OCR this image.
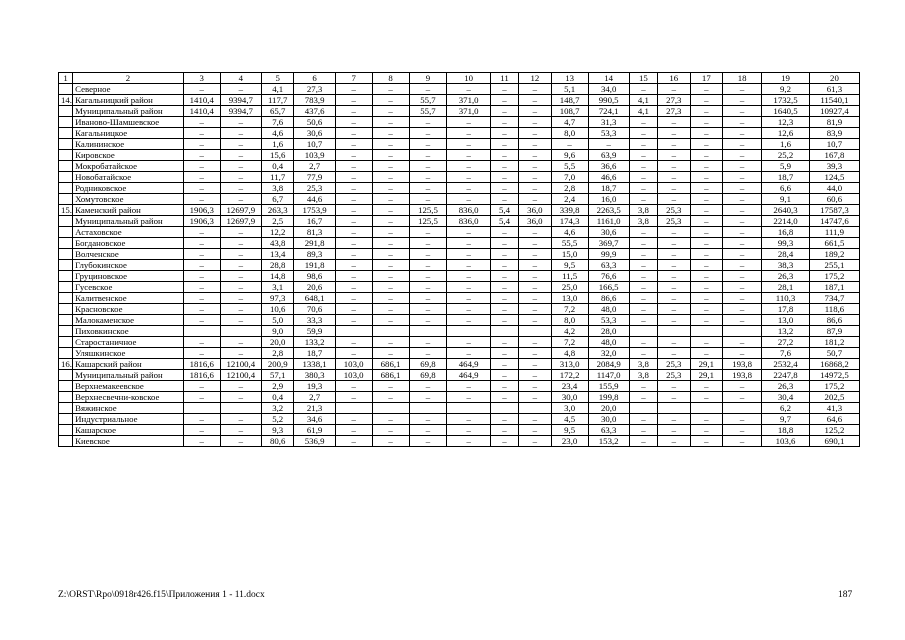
1	2	3	4	5	6	7	8	9	10	11	12	13	14	15	16	17	18	19	20
	Северное	–	–	4,1	27,3	–	–	–	–	–	–	5,1	34,0	–	–	–	–	9,2	61,3
14.	Кагальницкий район	1410,4	9394,7	117,7	783,9	–	–	55,7	371,0	–	–	148,7	990,5	4,1	27,3	–	–	1732,5	11540,1
	Муниципальный район	1410,4	9394,7	65,7	437,6	–	–	55,7	371,0	–	–	108,7	724,1	4,1	27,3	–	–	1640,5	10927,4
	Иваново-Шамшевское	–	–	7,6	50,6	–	–	–	–	–	–	4,7	31,3	–	–	–	–	12,3	81,9
	Кагальницкое	–	–	4,6	30,6	–	–	–	–	–	–	8,0	53,3	–	–	–	–	12,6	83,9
	Калининское	–	–	1,6	10,7	–	–	–	–	–	–	–	–	–	–	–	–	1,6	10,7
	Кировское	–	–	15,6	103,9	–	–	–	–	–	–	9,6	63,9	–	–	–	–	25,2	167,8
	Мокробатайское	–	–	0,4	2,7	–	–	–	–	–	–	5,5	36,6	–	–	–	–	5,9	39,3
	Новобатайское	–	–	11,7	77,9	–	–	–	–	–	–	7,0	46,6	–	–	–	–	18,7	124,5
	Родниковское	–	–	3,8	25,3	–	–	–	–	–	–	2,8	18,7	–	–	–	–	6,6	44,0
	Хомутовское	–	–	6,7	44,6	–	–	–	–	–	–	2,4	16,0	–	–	–	–	9,1	60,6
15.	Каменский район	1906,3	12697,9	263,3	1753,9	–	–	125,5	836,0	5,4	36,0	339,8	2263,5	3,8	25,3	–	–	2640,3	17587,3
	Муниципальный район	1906,3	12697,9	2,5	16,7	–	–	125,5	836,0	5,4	36,0	174,3	1161,0	3,8	25,3	–	–	2214,0	14747,6
	Астаховское	–	–	12,2	81,3	–	–	–	–	–	–	4,6	30,6	–	–	–	–	16,8	111,9
	Богдановское	–	–	43,8	291,8	–	–	–	–	–	–	55,5	369,7	–	–	–	–	99,3	661,5
	Волченское	–	–	13,4	89,3	–	–	–	–	–	–	15,0	99,9	–	–	–	–	28,4	189,2
	Глубокинское	–	–	28,8	191,8	–	–	–	–	–	–	9,5	63,3	–	–	–	–	38,3	255,1
	Груциновское	–	–	14,8	98,6	–	–	–	–	–	–	11,5	76,6	–	–	–	–	26,3	175,2
	Гусевское	–	–	3,1	20,6	–	–	–	–	–	–	25,0	166,5	–	–	–	–	28,1	187,1
	Калитвенское	–	–	97,3	648,1	–	–	–	–	–	–	13,0	86,6	–	–	–	–	110,3	734,7
	Красновское	–	–	10,6	70,6	–	–	–	–	–	–	7,2	48,0	–	–	–	–	17,8	118,6
	Малокаменское	–	–	5,0	33,3	–	–	–	–	–	–	8,0	53,3	–	–	–	–	13,0	86,6
	Пиховкинское			9,0	59,9							4,2	28,0					13,2	87,9
	Старостаничное	–	–	20,0	133,2	–	–	–	–	–	–	7,2	48,0	–	–	–	–	27,2	181,2
	Уляшкинское	–	–	2,8	18,7	–	–	–	–	–	–	4,8	32,0	–	–	–	–	7,6	50,7
16.	Кашарский район	1816,6	12100,4	200,9	1338,1	103,0	686,1	69,8	464,9	–	–	313,0	2084,9	3,8	25,3	29,1	193,8	2532,4	16868,2
	Муниципальный район	1816,6	12100,4	57,1	380,3	103,0	686,1	69,8	464,9	–	–	172,2	1147,0	3,8	25,3	29,1	193,8	2247,8	14972,5
	Верхнемакеевское	–	–	2,9	19,3	–	–	–	–	–	–	23,4	155,9	–	–	–	–	26,3	175,2
	Верхнесвечни-ковское	–	–	0,4	2,7	–	–	–	–	–	–	30,0	199,8	–	–	–	–	30,4	202,5
	Вяжинское			3,2	21,3							3,0	20,0					6,2	41,3
	Индустриальное	–	–	5,2	34,6	–	–	–	–	–	–	4,5	30,0	–	–	–	–	9,7	64,6
	Кашарское	–	–	9,3	61,9	–	–	–	–	–	–	9,5	63,3	–	–	–	–	18,8	125,2
	Киевское	–	–	80,6	536,9	–	–	–	–	–	–	23,0	153,2	–	–	–	–	103,6	690,1
Z:\ORST\Rpo\0918r426.f15\Приложения 1 - 11.docx	187
